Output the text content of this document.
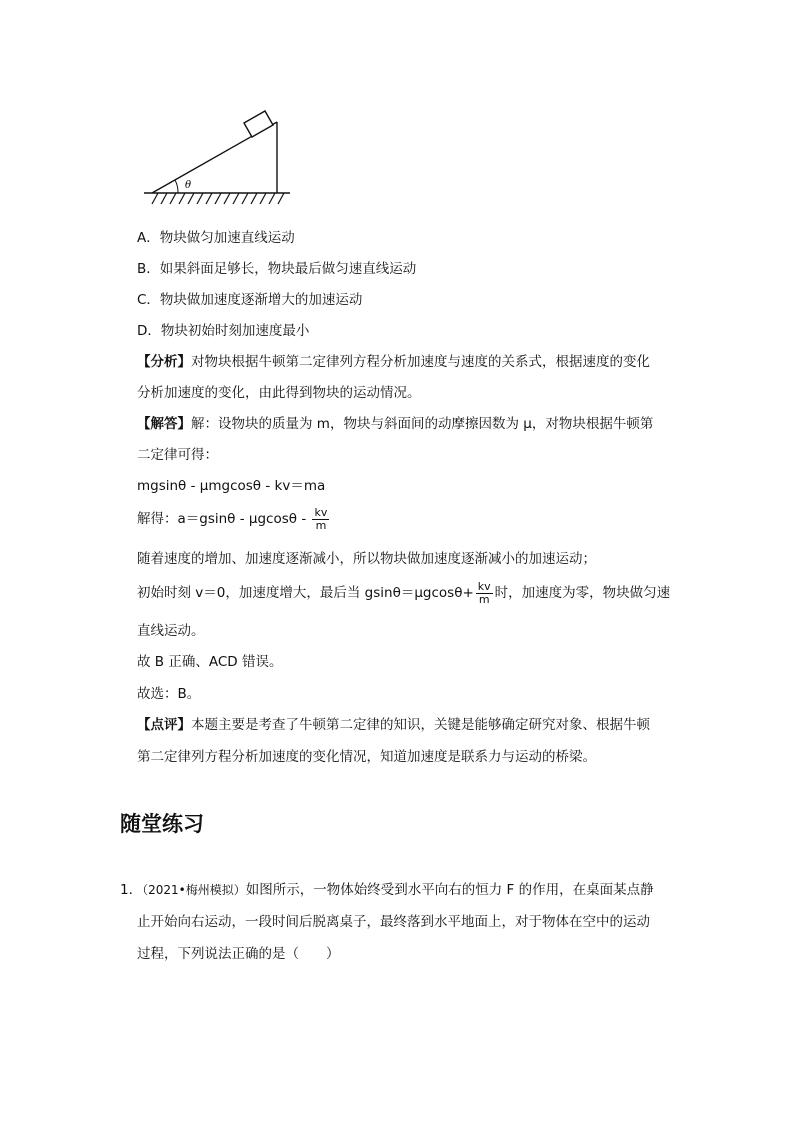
θ
A．物块做匀加速直线运动
B．如果斜面足够长，物块最后做匀速直线运动
C．物块做加速度逐渐增大的加速运动
D．物块初始时刻加速度最小
【分析】对物块根据牛顿第二定律列方程分析加速度与速度的关系式，根据速度的变化
分析加速度的变化，由此得到物块的运动情况。
【解答】解：设物块的质量为 m，物块与斜面间的动摩擦因数为 μ，对物块根据牛顿第
二定律可得：
mgsinθ - μmgcosθ - kv＝ma
解得：$a=gsin\theta - \mu gcos\theta - \frac{kv}{m}$
随着速度的增加、加速度逐渐减小，所以物块做加速度逐渐减小的加速运动；
初始时刻 v＝0，加速度增大，最后当 $gsin\theta=\mu gcos\theta+ \frac{kv}{m}$ 时，加速度为零，物块做匀速
直线运动。
故 B 正确、ACD 错误。
故选：B。
【点评】本题主要是考查了牛顿第二定律的知识，关键是能够确定研究对象、根据牛顿
第二定律列方程分析加速度的变化情况，知道加速度是联系力与运动的桥梁。
随堂练习
1．（2021•梅州模拟）如图所示，一物体始终受到水平向右的恒力 F 的作用，在桌面某点静
止开始向右运动，一段时间后脱离桌子，最终落到水平地面上，对于物体在空中的运动
过程，下列说法正确的是（　　）
